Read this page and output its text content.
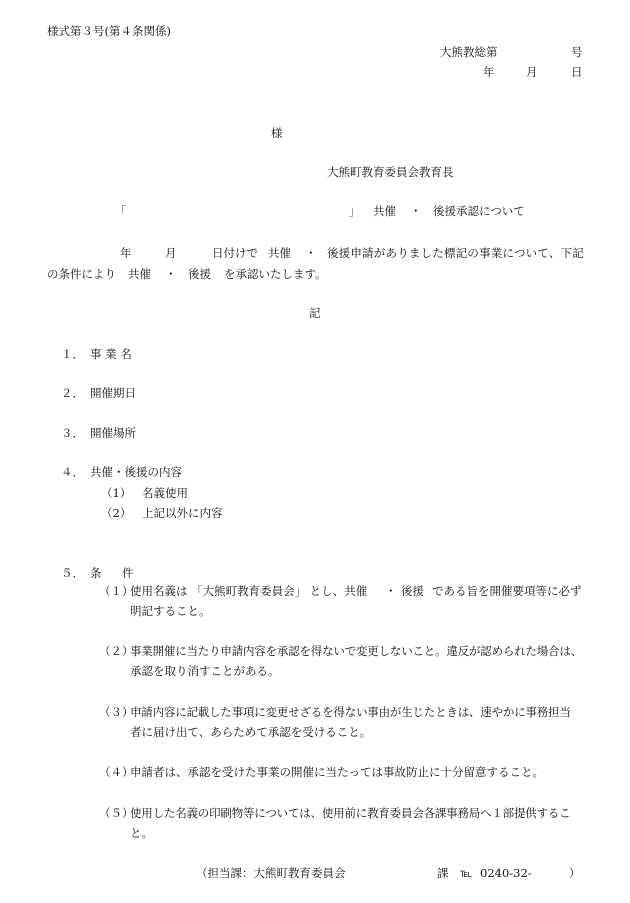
様式第３号(第４条関係)
大熊教総第	号
年	月	日
様
大熊町教育委員会教育長
「	」 共催 ・ 後援承認について
年	月	日付けで 共催 ・ 後援申請がありました標記の事業について、下記
の条件により 共催 ・ 後援 を承認いたします。
記
１． 事 業 名
２． 開催期日
３． 開催場所
４． 共催・後援の内容
（1） 名義使用
（2） 上記以外に内容
５． 条 件
（１）
使用名義は 「大熊町教育委員会」 とし、共催 ・ 後援 である旨を開催要項等に必ず
明記すること。
（２）
事業開催に当たり申請内容を承認を得ないで変更しないこと。違反が認められた場合は、
承認を取り消すことがある。
（３）
申請内容に記載した事項に変更せざるを得ない事由が生じたときは、速やかに事務担当
者に届け出て、あらためて承認を受けること。
（４）
申請者は、承認を受けた事業の開催に当たっては事故防止に十分留意すること。
（５）
使用した名義の印刷物等については、使用前に教育委員会各課事務局へ１部提供するこ
と。
（担当課：大熊町教育委員会	課 ℡ 0240-32-	）
